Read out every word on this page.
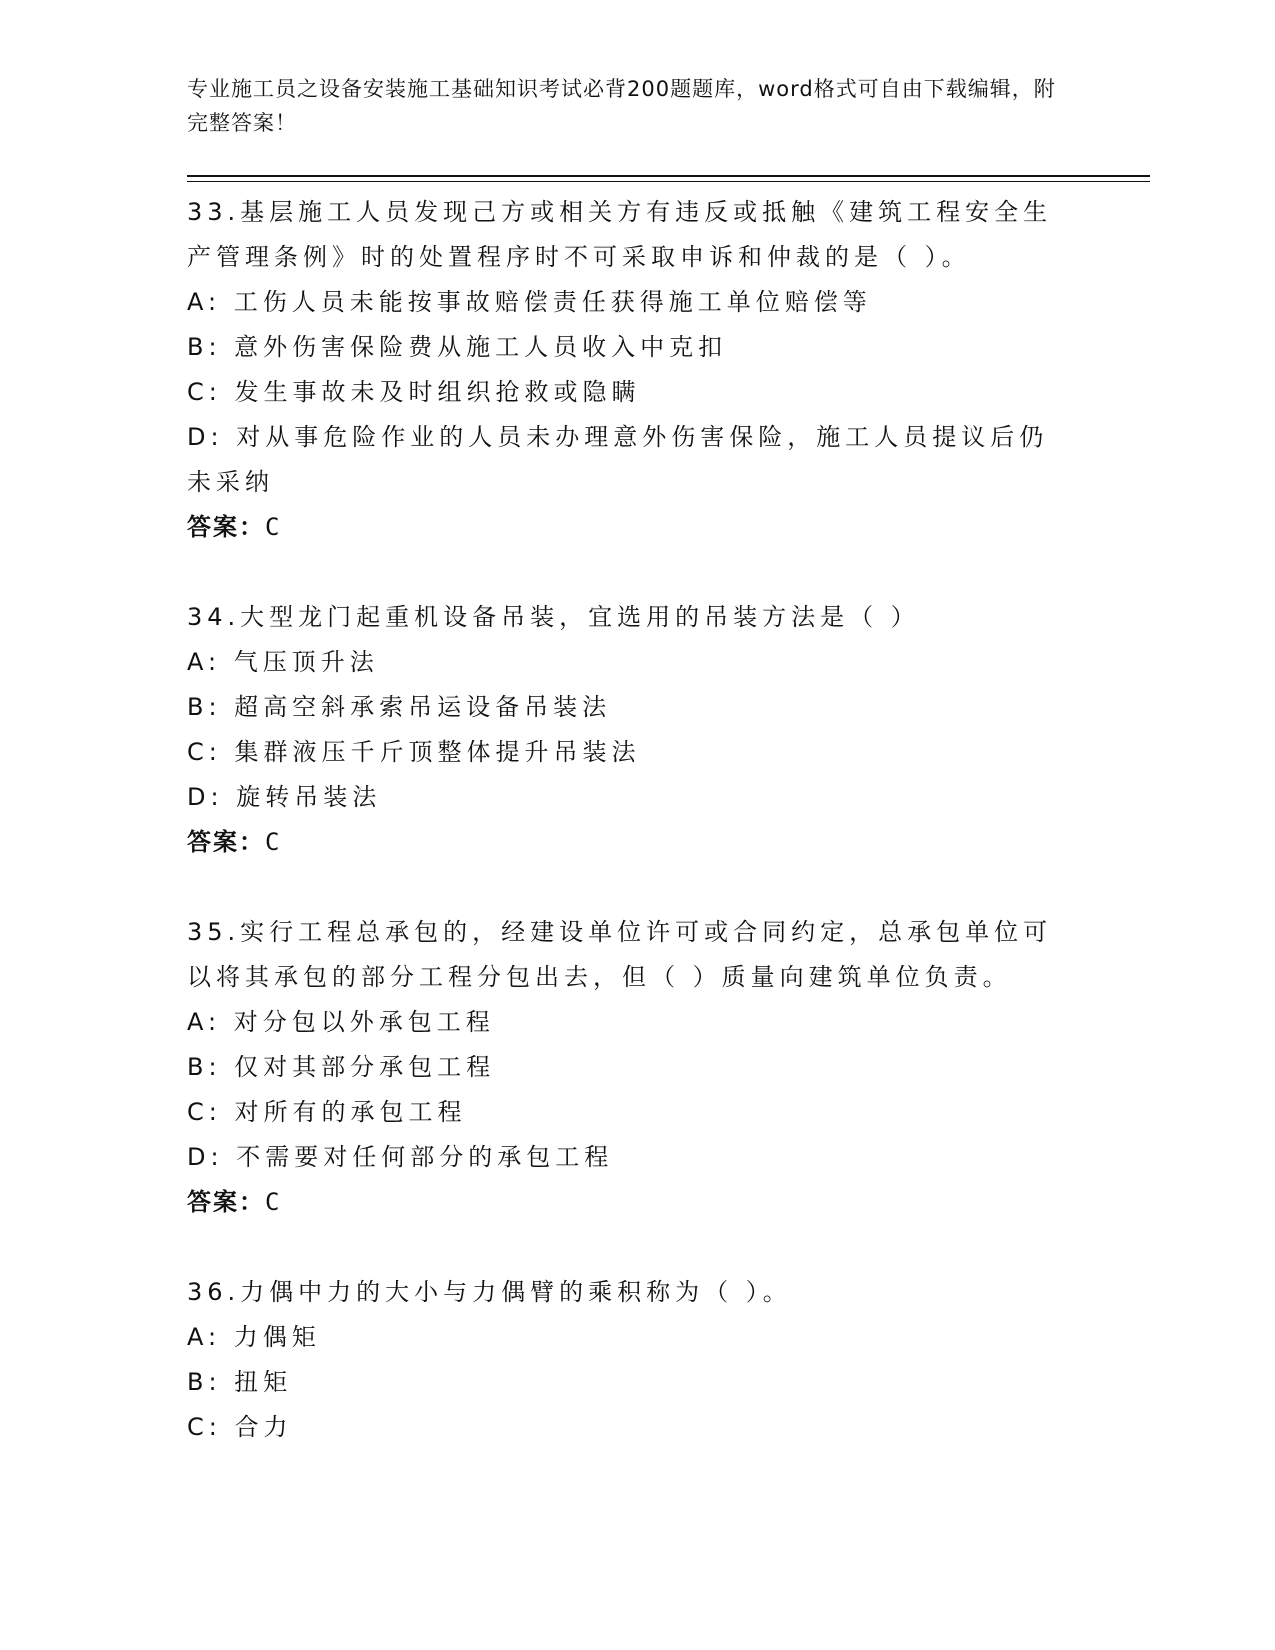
专业施工员之设备安装施工基础知识考试必背200题题库，word格式可自由下载编辑，附完整答案！
33.基层施工人员发现己方或相关方有违反或抵触《建筑工程安全生产管理条例》时的处置程序时不可采取申诉和仲裁的是（ ）。
A: 工伤人员未能按事故赔偿责任获得施工单位赔偿等
B: 意外伤害保险费从施工人员收入中克扣
C: 发生事故未及时组织抢救或隐瞒
D: 对从事危险作业的人员未办理意外伤害保险，施工人员提议后仍未采纳
答案：C
34.大型龙门起重机设备吊装，宜选用的吊装方法是（ ）
A: 气压顶升法
B: 超高空斜承索吊运设备吊装法
C: 集群液压千斤顶整体提升吊装法
D: 旋转吊装法
答案：C
35.实行工程总承包的，经建设单位许可或合同约定，总承包单位可以将其承包的部分工程分包出去，但（ ）质量向建筑单位负责。
A: 对分包以外承包工程
B: 仅对其部分承包工程
C: 对所有的承包工程
D: 不需要对任何部分的承包工程
答案：C
36.力偶中力的大小与力偶臂的乘积称为（ ）。
A: 力偶矩
B: 扭矩
C: 合力
